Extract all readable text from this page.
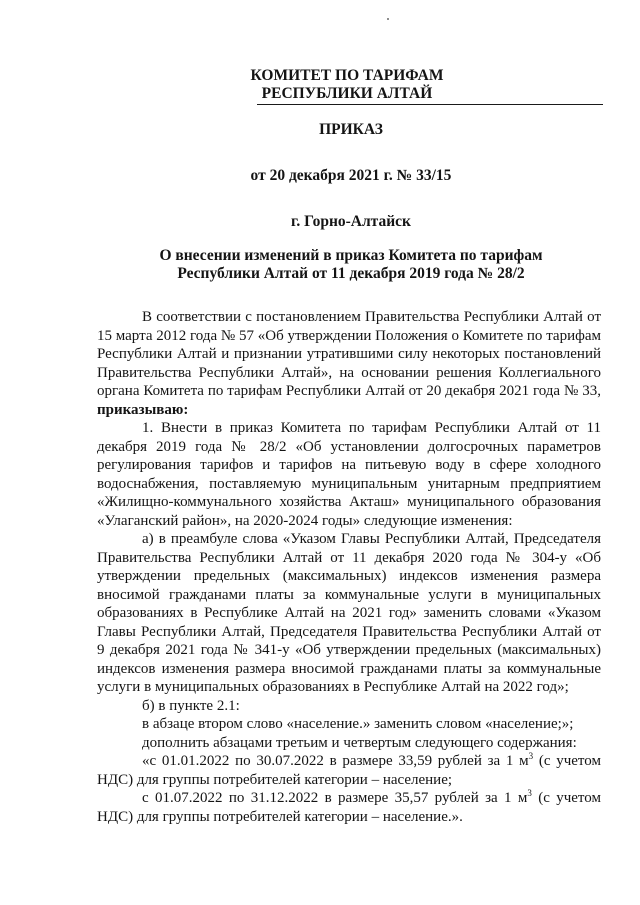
КОМИТЕТ ПО ТАРИФАМ
РЕСПУБЛИКИ АЛТАЙ
ПРИКАЗ
от 20 декабря 2021 г. № 33/15
г. Горно-Алтайск
О внесении изменений в приказ Комитета по тарифам
Республики Алтай от 11 декабря 2019 года № 28/2

В соответствии с постановлением Правительства Республики Алтай от 15 марта 2012 года № 57 «Об утверждении Положения о Комитете по тарифам Республики Алтай и признании утратившими силу некоторых постановлений Правительства Республики Алтай», на основании решения Коллегиального органа Комитета по тарифам Республики Алтай от 20 декабря 2021 года № 33, приказываю:

1. Внести в приказ Комитета по тарифам Республики Алтай от 11 декабря 2019 года № 28/2 «Об установлении долгосрочных параметров регулирования тарифов и тарифов на питьевую воду в сфере холодного водоснабжения, поставляемую муниципальным унитарным предприятием «Жилищно-коммунального хозяйства Акташ» муниципального образования «Улаганский район», на 2020-2024 годы» следующие изменения:

а) в преамбуле слова «Указом Главы Республики Алтай, Председателя Правительства Республики Алтай от 11 декабря 2020 года № 304-у «Об утверждении предельных (максимальных) индексов изменения размера вносимой гражданами платы за коммунальные услуги в муниципальных образованиях в Республике Алтай на 2021 год» заменить словами «Указом Главы Республики Алтай, Председателя Правительства Республики Алтай от 9 декабря 2021 года № 341-у «Об утверждении предельных (максимальных) индексов изменения размера вносимой гражданами платы за коммунальные услуги в муниципальных образованиях в Республике Алтай на 2022 год»;

б) в пункте 2.1:

в абзаце втором слово «население.» заменить словом «население;»;

дополнить абзацами третьим и четвертым следующего содержания:

«с 01.01.2022 по 30.07.2022 в размере 33,59 рублей за 1 $м^3$ (с учетом НДС) для группы потребителей категории – население;

с 01.07.2022 по 31.12.2022 в размере 35,57 рублей за 1 $м^3$ (с учетом НДС) для группы потребителей категории – население.».
